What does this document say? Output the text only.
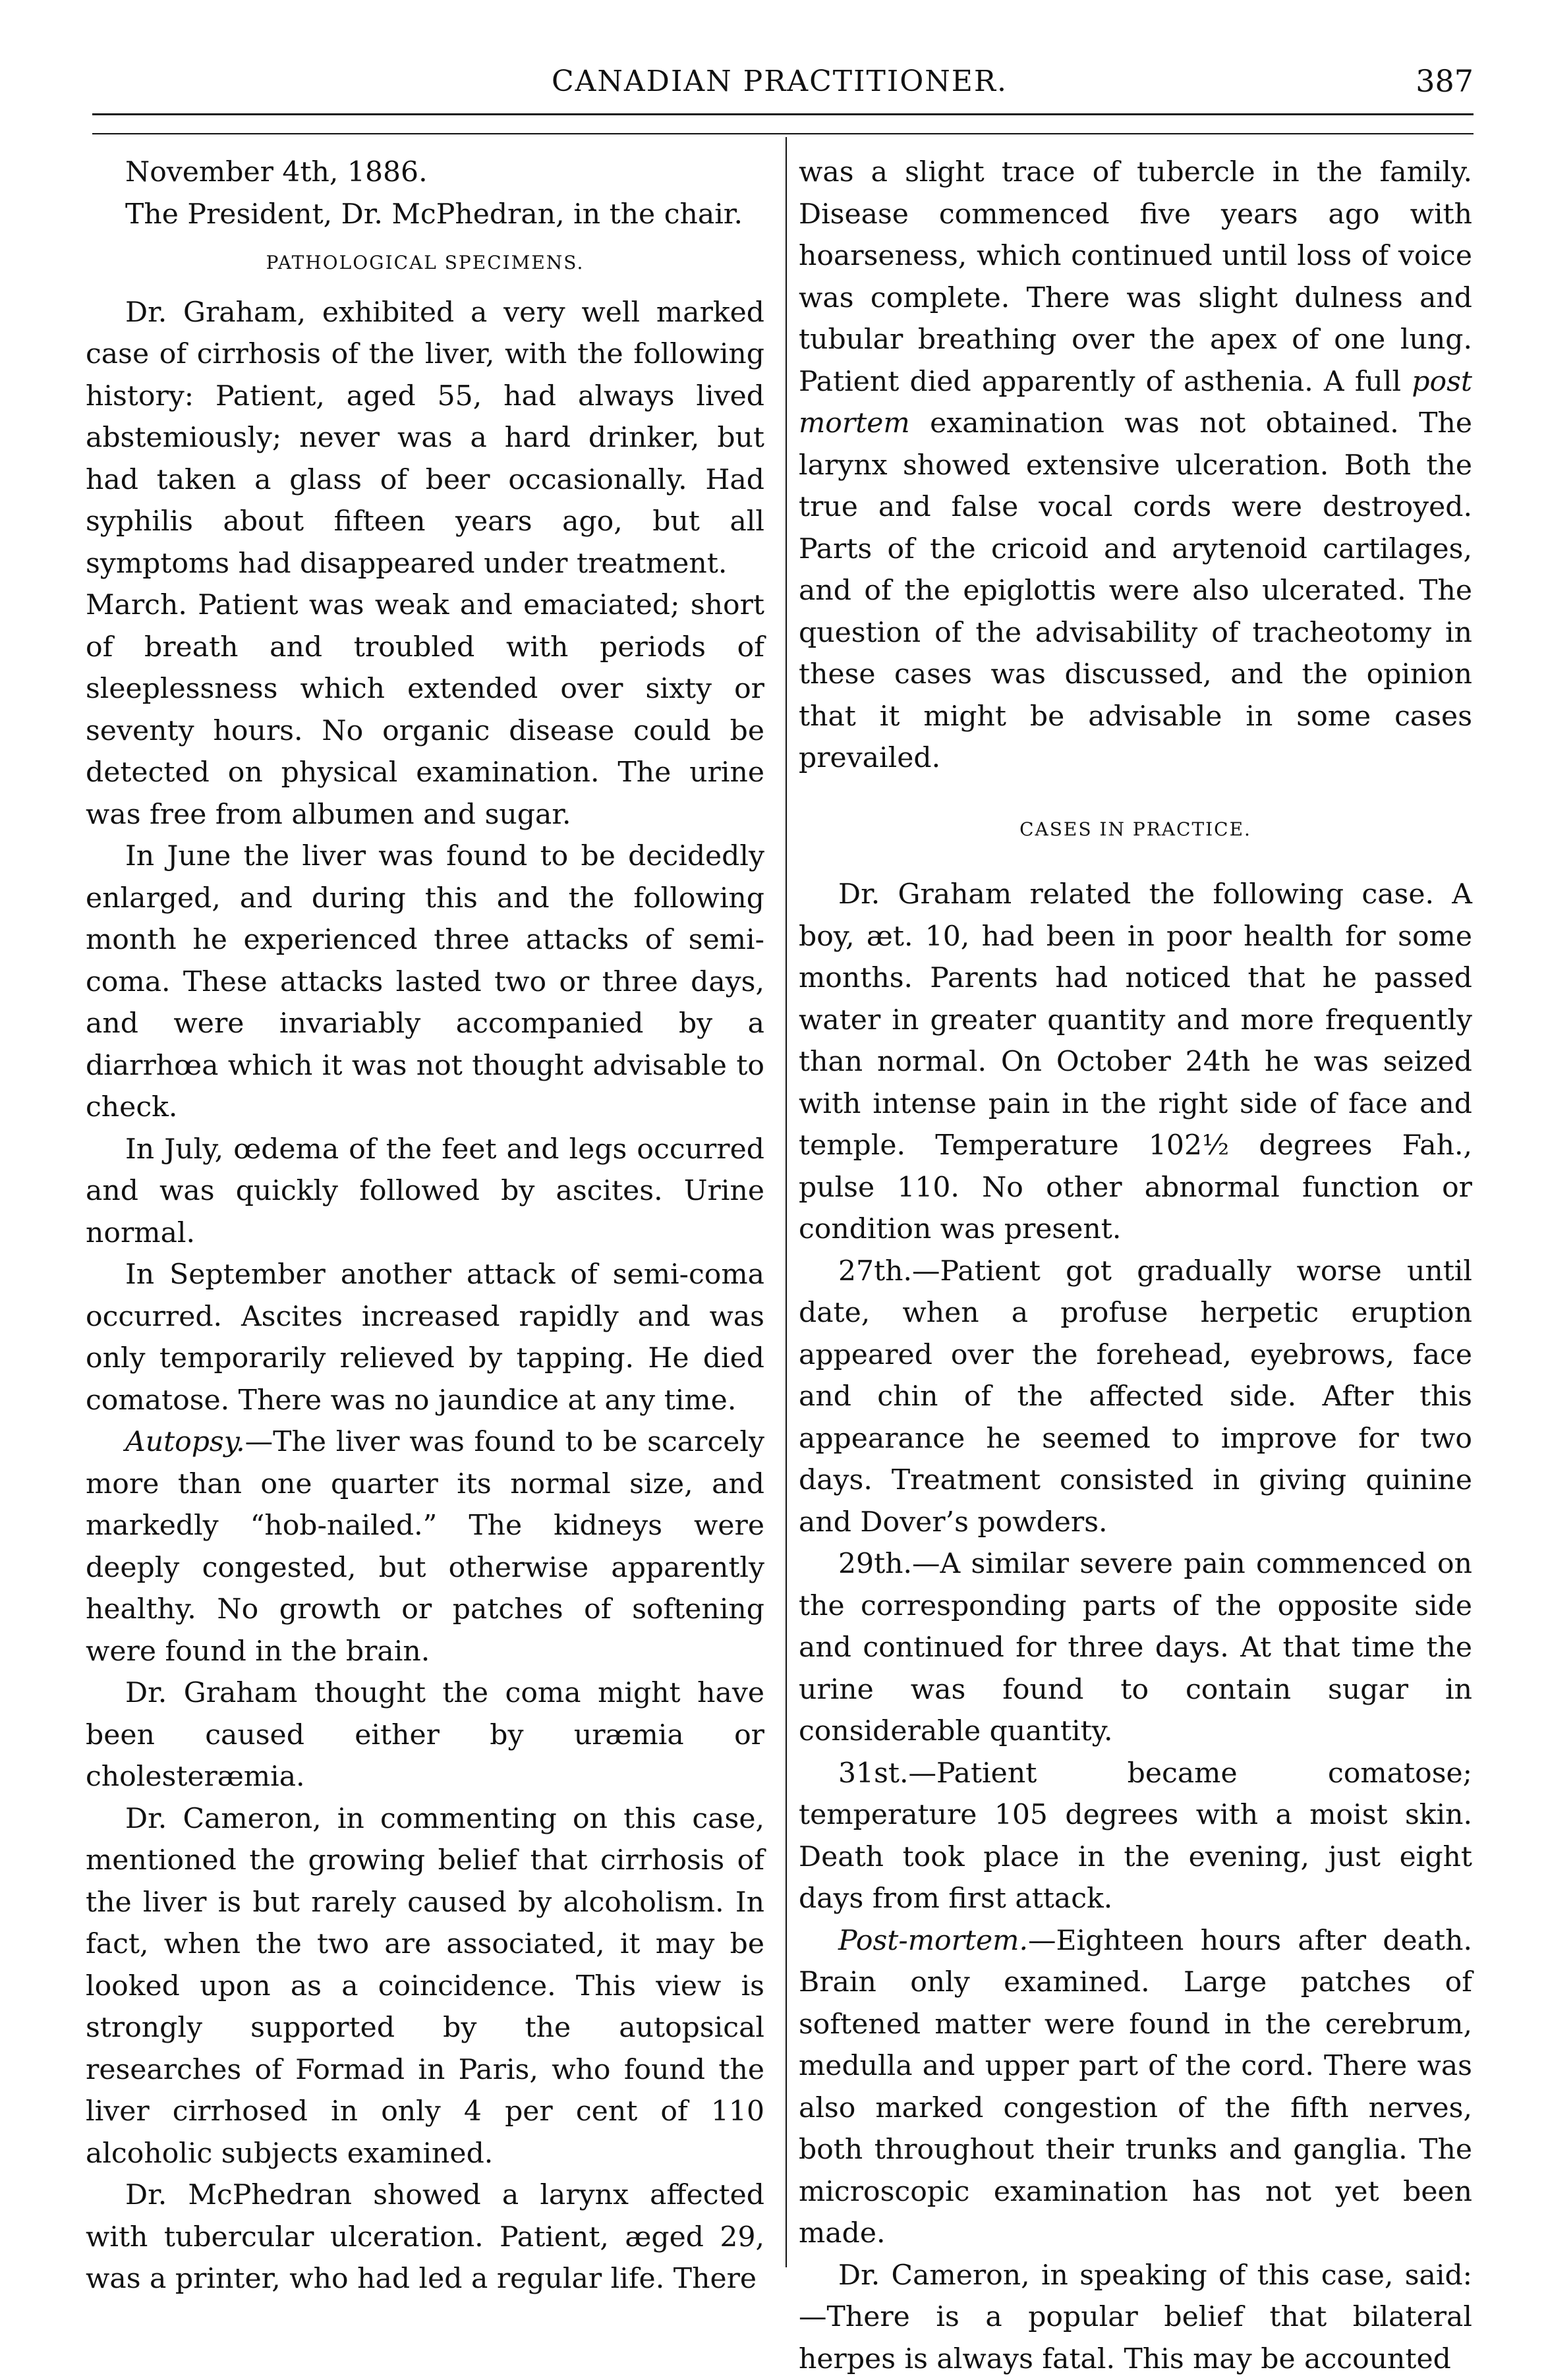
CANADIAN PRACTITIONER.	387

November 4th, 1886.

The President, Dr. McPhedran, in the chair.

PATHOLOGICAL SPECIMENS.

Dr. Graham, exhibited a very well marked case of cirrhosis of the liver, with the following history: Patient, aged 55, had always lived abstemiously; never was a hard drinker, but had taken a glass of beer occasionally. Had syphilis about fifteen years ago, but all symptoms had disappeared under treatment.

March. Patient was weak and emaciated; short of breath and troubled with periods of sleeplessness which extended over sixty or seventy hours. No organic disease could be detected on physical examination. The urine was free from albumen and sugar.

In June the liver was found to be decidedly enlarged, and during this and the following month he experienced three attacks of semi-coma. These attacks lasted two or three days, and were invariably accompanied by a diarrhœa which it was not thought advisable to check.

In July, œdema of the feet and legs occurred and was quickly followed by ascites. Urine normal.

In September another attack of semi-coma occurred. Ascites increased rapidly and was only temporarily relieved by tapping. He died comatose. There was no jaundice at any time.

Autopsy.—The liver was found to be scarcely more than one quarter its normal size, and markedly “hob-nailed.” The kidneys were deeply congested, but otherwise apparently healthy. No growth or patches of softening were found in the brain.

Dr. Graham thought the coma might have been caused either by uræmia or cholesteræmia.

Dr. Cameron, in commenting on this case, mentioned the growing belief that cirrhosis of the liver is but rarely caused by alcoholism. In fact, when the two are associated, it may be looked upon as a coincidence. This view is strongly supported by the autopsical researches of Formad in Paris, who found the liver cirrhosed in only 4 per cent of 110 alcoholic subjects examined.

Dr. McPhedran showed a larynx affected with tubercular ulceration. Patient, æged 29, was a printer, who had led a regular life. There

was a slight trace of tubercle in the family. Disease commenced five years ago with hoarseness, which continued until loss of voice was complete. There was slight dulness and tubular breathing over the apex of one lung. Patient died apparently of asthenia. A full post mortem examination was not obtained. The larynx showed extensive ulceration. Both the true and false vocal cords were destroyed. Parts of the cricoid and arytenoid cartilages, and of the epiglottis were also ulcerated. The question of the advisability of tracheotomy in these cases was discussed, and the opinion that it might be advisable in some cases prevailed.

CASES IN PRACTICE.

Dr. Graham related the following case. A boy, æt. 10, had been in poor health for some months. Parents had noticed that he passed water in greater quantity and more frequently than normal. On October 24th he was seized with intense pain in the right side of face and temple. Temperature 102½ degrees Fah., pulse 110. No other abnormal function or condition was present.

27th.—Patient got gradually worse until date, when a profuse herpetic eruption appeared over the forehead, eyebrows, face and chin of the affected side. After this appearance he seemed to improve for two days. Treatment consisted in giving quinine and Dover’s powders.

29th.—A similar severe pain commenced on the corresponding parts of the opposite side and continued for three days. At that time the urine was found to contain sugar in considerable quantity.

31st.—Patient became comatose; temperature 105 degrees with a moist skin. Death took place in the evening, just eight days from first attack.

Post-mortem.—Eighteen hours after death. Brain only examined. Large patches of softened matter were found in the cerebrum, medulla and upper part of the cord. There was also marked congestion of the fifth nerves, both throughout their trunks and ganglia. The microscopic examination has not yet been made.

Dr. Cameron, in speaking of this case, said:—There is a popular belief that bilateral herpes is always fatal. This may be accounted
